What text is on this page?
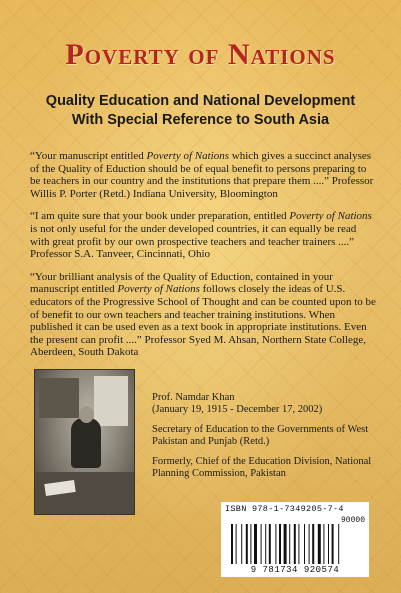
Poverty of Nations
Quality Education and National Development
With Special Reference to South Asia

“Your manuscript entitled Poverty of Nations which gives a succinct analyses of the Quality of Eduction should be of equal benefit to persons preparing to be teachers in our country and the institutions that prepare them ....” Professor Willis P. Porter (Retd.) Indiana University, Bloomington

“I am quite sure that your book under preparation, entitled Poverty of Nations is not only useful for the under developed countries, it can equally be read with great profit by our own prospective teachers and teacher trainers ....” Professor S.A. Tanveer, Cincinnati, Ohio

“Your brilliant analysis of the Quality of Eduction, contained in your manuscript entitled Poverty of Nations follows closely the ideas of U.S. educators of the Progressive School of Thought and can be counted upon to be of benefit to our own teachers and teacher training institutions. When published it can be used even as a text book in appropriate institutions. Even the present can profit ....” Professor Syed M. Ahsan, Northern State College, Aberdeen, South Dakota

Prof. Namdar Khan
(January 19, 1915 - December 17, 2002)

Secretary of Education to the Governments of West Pakistan and Punjab (Retd.)

Formerly, Chief of the Education Division, National Planning Commission, Pakistan

ISBN 978-1-7349205-7-4
90000
9 781734 920574
